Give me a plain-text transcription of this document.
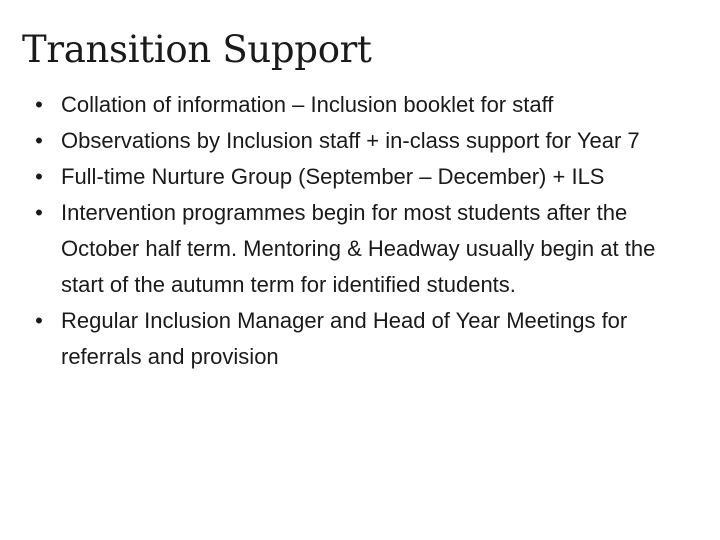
Transition Support
• Collation of information – Inclusion booklet for staff
• Observations by Inclusion staff + in-class support for Year 7
• Full-time Nurture Group (September – December) + ILS
• Intervention programmes begin for most students after the October half term. Mentoring & Headway usually begin at the start of the autumn term for identified students.
• Regular Inclusion Manager and Head of Year Meetings for referrals and provision
